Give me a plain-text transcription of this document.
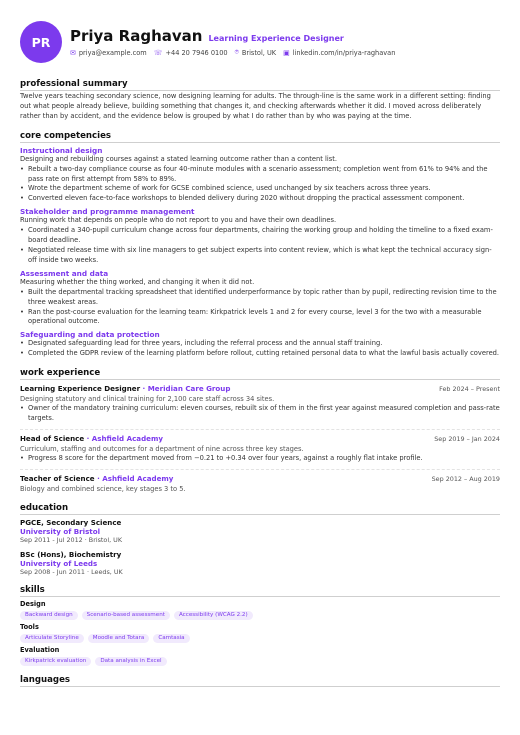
PR	Priya Raghavan Learning Experience Designer
✉ priya@example.com ☏ +44 20 7946 0100 ⌾ Bristol, UK ▣ linkedin.com/in/priya-raghavan
professional summary
Twelve years teaching secondary science, now designing learning for adults. The through-line is the same work in a different setting: finding out what people already believe, building something that changes it, and checking afterwards whether it did. I moved across deliberately rather than by accident, and the evidence below is grouped by what I do rather than by who was paying at the time.
core competencies
Instructional design
Designing and rebuilding courses against a stated learning outcome rather than a content list.
• Rebuilt a two-day compliance course as four 40-minute modules with a scenario assessment; completion went from 61% to 94% and the pass rate on first attempt from 58% to 89%.
• Wrote the department scheme of work for GCSE combined science, used unchanged by six teachers across three years.
• Converted eleven face-to-face workshops to blended delivery during 2020 without dropping the practical assessment component.
Stakeholder and programme management
Running work that depends on people who do not report to you and have their own deadlines.
• Coordinated a 340-pupil curriculum change across four departments, chairing the working group and holding the timeline to a fixed exam-board deadline.
• Negotiated release time with six line managers to get subject experts into content review, which is what kept the technical accuracy sign-off inside two weeks.
Assessment and data
Measuring whether the thing worked, and changing it when it did not.
• Built the departmental tracking spreadsheet that identified underperformance by topic rather than by pupil, redirecting revision time to the three weakest areas.
• Ran the post-course evaluation for the learning team: Kirkpatrick levels 1 and 2 for every course, level 3 for the two with a measurable operational outcome.
Safeguarding and data protection
• Designated safeguarding lead for three years, including the referral process and the annual staff training.
• Completed the GDPR review of the learning platform before rollout, cutting retained personal data to what the lawful basis actually covered.
work experience
Learning Experience Designer · Meridian Care Group	Feb 2024 – Present
Designing statutory and clinical training for 2,100 care staff across 34 sites.
• Owner of the mandatory training curriculum: eleven courses, rebuilt six of them in the first year against measured completion and pass-rate targets.
Head of Science · Ashfield Academy	Sep 2019 – Jan 2024
Curriculum, staffing and outcomes for a department of nine across three key stages.
• Progress 8 score for the department moved from −0.21 to +0.34 over four years, against a roughly flat intake profile.
Teacher of Science · Ashfield Academy	Sep 2012 – Aug 2019
Biology and combined science, key stages 3 to 5.
education
PGCE, Secondary Science
University of Bristol
Sep 2011 - Jul 2012 · Bristol, UK
BSc (Hons), Biochemistry
University of Leeds
Sep 2008 - Jun 2011 · Leeds, UK
skills
Design
Backward design	Scenario-based assessment	Accessibility (WCAG 2.2)
Tools
Articulate Storyline	Moodle and Totara	Camtasia
Evaluation
Kirkpatrick evaluation	Data analysis in Excel
languages
